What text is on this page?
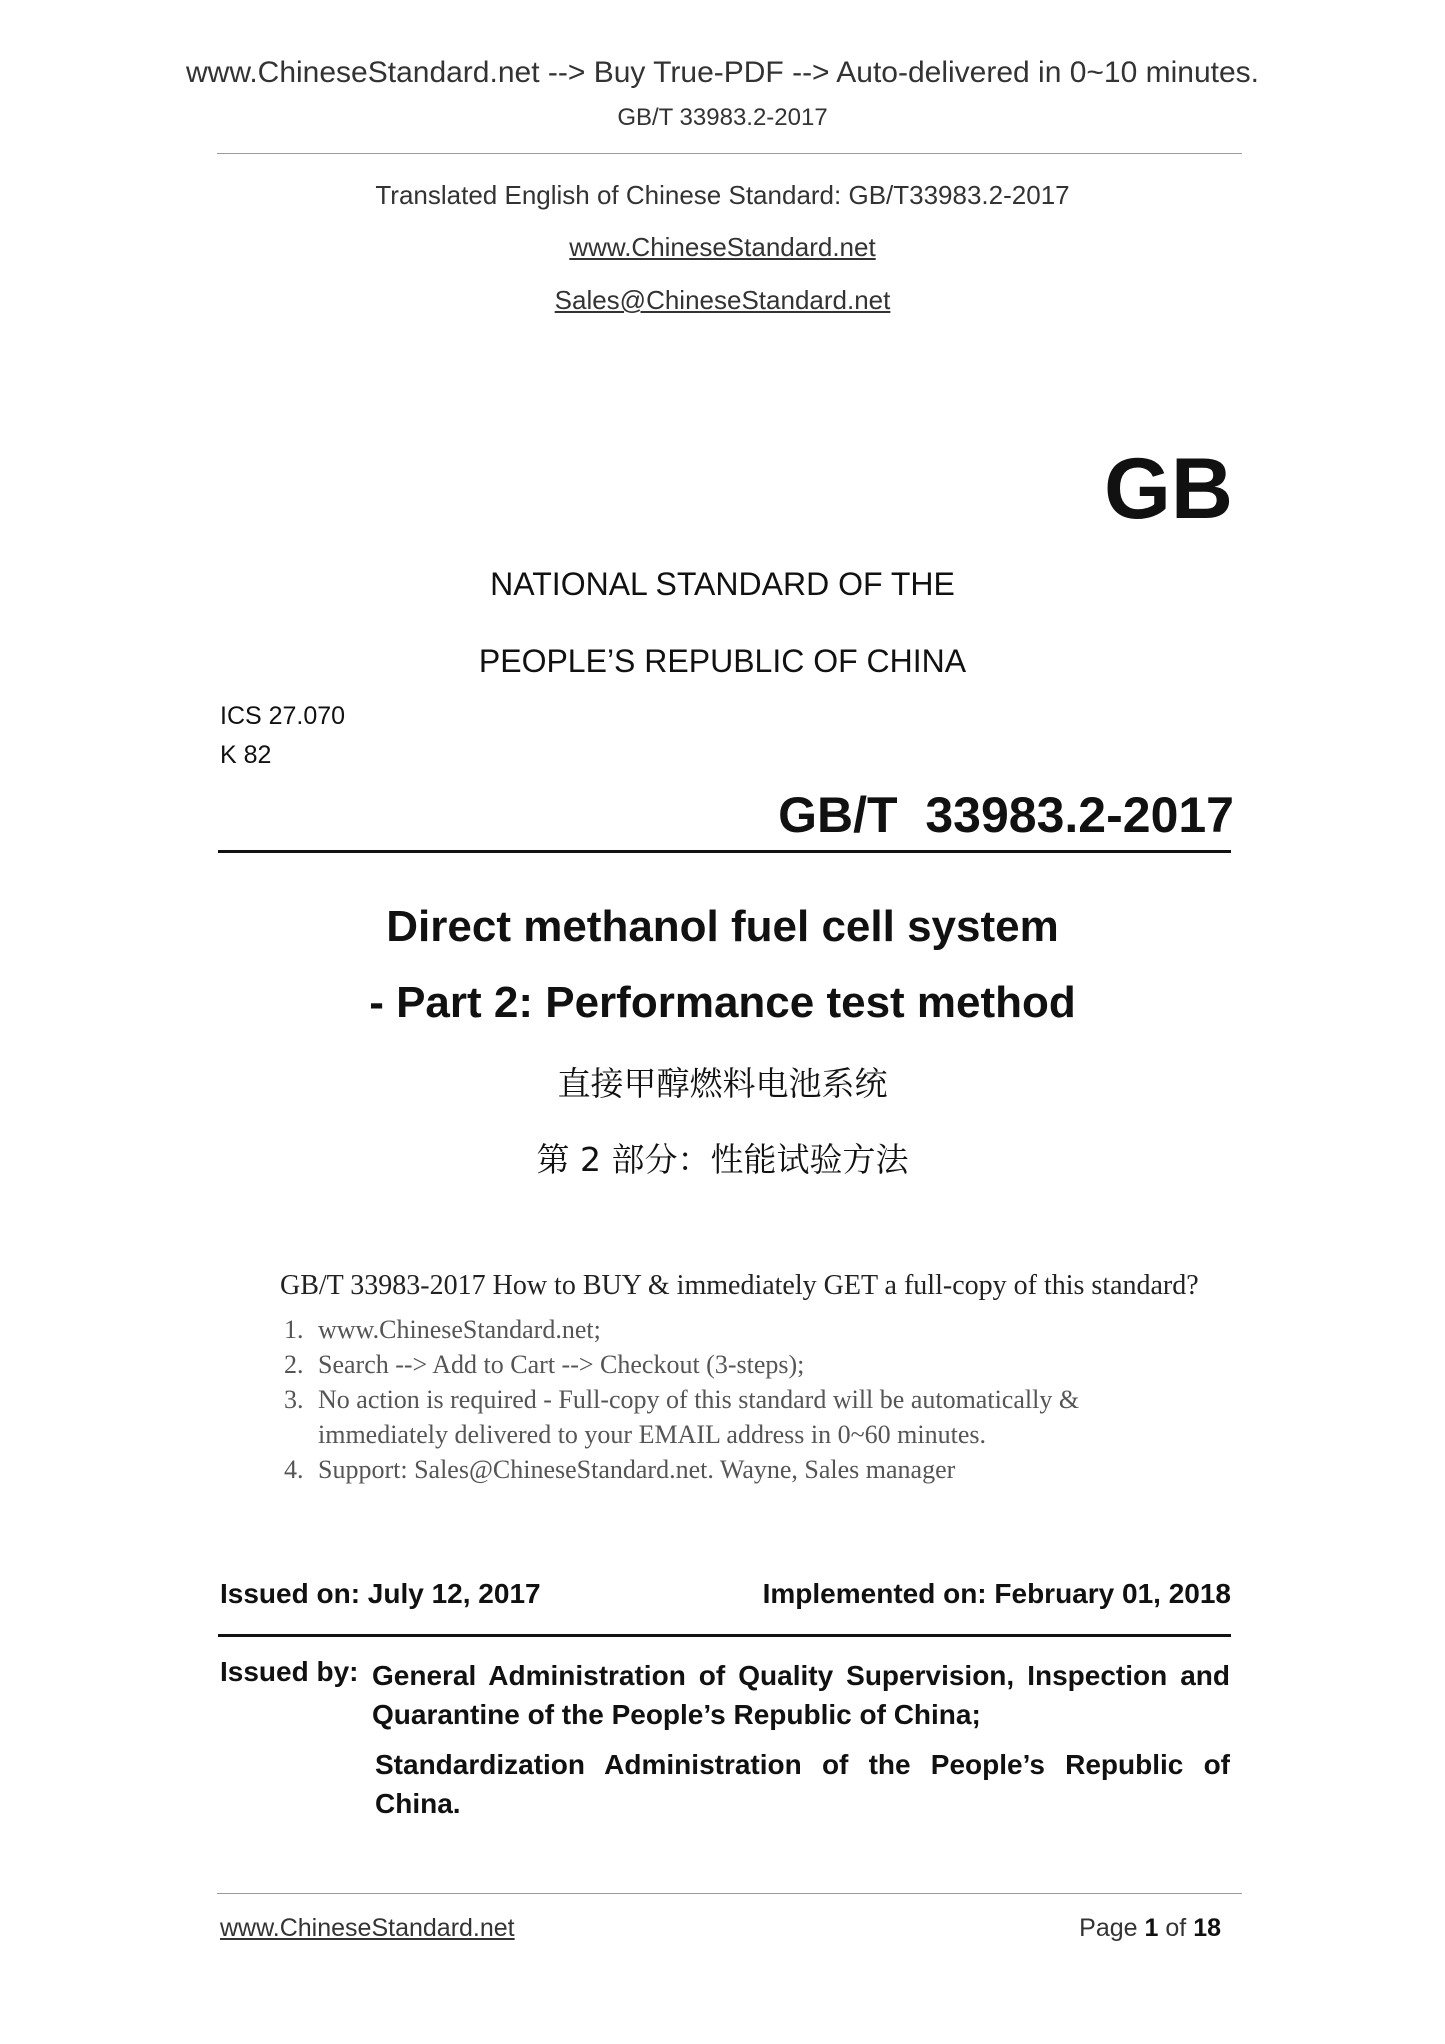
www.ChineseStandard.net --> Buy True-PDF --> Auto-delivered in 0~10 minutes.
GB/T 33983.2-2017
Translated English of Chinese Standard: GB/T33983.2-2017
www.ChineseStandard.net
Sales@ChineseStandard.net
GB
NATIONAL STANDARD OF THE
PEOPLE’S REPUBLIC OF CHINA
ICS 27.070
K 82
GB/T  33983.2-2017
Direct methanol fuel cell system
- Part 2: Performance test method
直接甲醇燃料电池系统
第 2 部分：性能试验方法
GB/T 33983-2017 How to BUY & immediately GET a full-copy of this standard?
1. www.ChineseStandard.net;
2. Search --> Add to Cart --> Checkout (3-steps);
3. No action is required - Full-copy of this standard will be automatically & immediately delivered to your EMAIL address in 0~60 minutes.
4. Support: Sales@ChineseStandard.net. Wayne, Sales manager
Issued on: July 12, 2017	Implemented on: February 01, 2018
Issued by: General Administration of Quality Supervision, Inspection and Quarantine of the People’s Republic of China;
Standardization Administration of the People’s Republic of China.
www.ChineseStandard.net	Page 1 of 18
